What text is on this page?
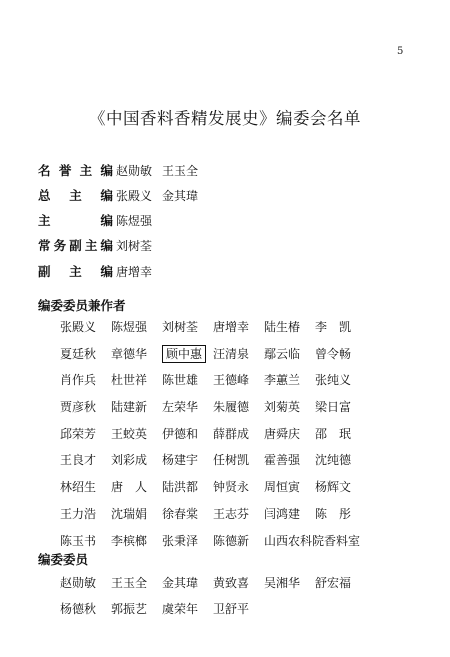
5
《中国香料香精发展史》编委会名单
名誉主编 赵勋敏 王玉全
总主编 张殿义 金其瑋
主编 陈煜强
常务副主编 刘树荃
副主编 唐增幸
编委委员兼作者
张殿义	陈煜强	刘树荃	唐增幸	陆生椿	李　凯
夏廷秋	章德华	顾中惠 汪清泉	鄢云临	曾令畅
肖作兵	杜世祥	陈世雄	王德峰	李蕙兰	张纯义
贾彦秋	陆建新	左荣华	朱履德	刘菊英	梁日富
邱荣芳	王蛟英	伊德和	薛群成	唐舜庆	邵　珉
王良才	刘彩成	杨建宇	任树凯	霍善强	沈纯德
林绍生	唐　人	陆洪都	钟贤永	周恒寅	杨辉文
王力浩	沈瑞娟	徐春棠	王志芬	闫鸿建	陈　彤
陈玉书	李槟榔	张秉泽	陈德新	山西农科院香料室
编委委员
赵勋敏	王玉全	金其瑋	黄致喜	吴湘华	舒宏福
杨德秋	郭振艺	虞荣年	卫舒平
